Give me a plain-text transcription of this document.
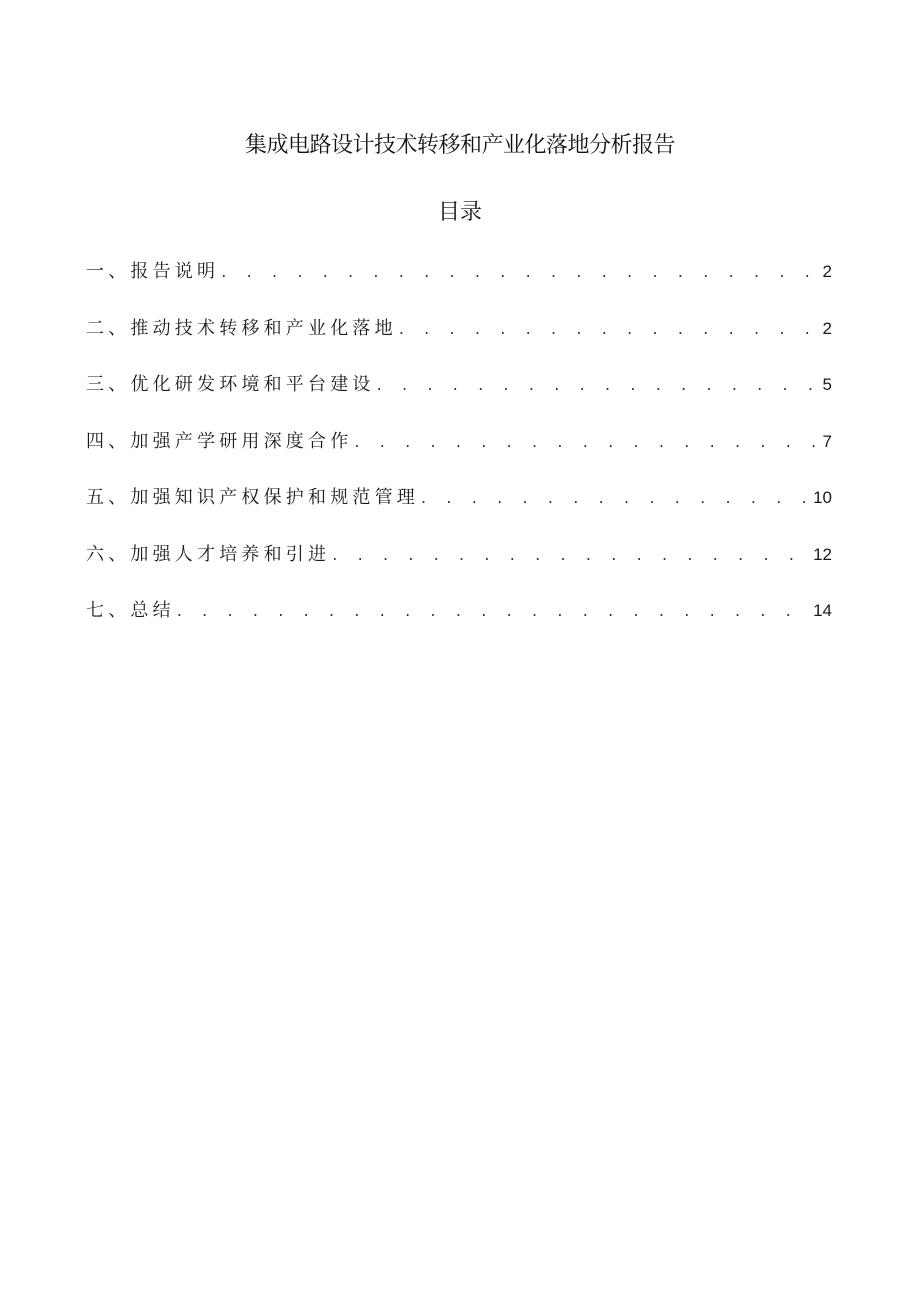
集成电路设计技术转移和产业化落地分析报告
目录
一、报告说明 . . .	2
二、推动技术转移和产业化落地 . . .	2
三、优化研发环境和平台建设 . . .	5
四、加强产学研用深度合作 . . .	7
五、加强知识产权保护和规范管理 . . .	10
六、加强人才培养和引进 . . .	12
七、总结 . . .	14
